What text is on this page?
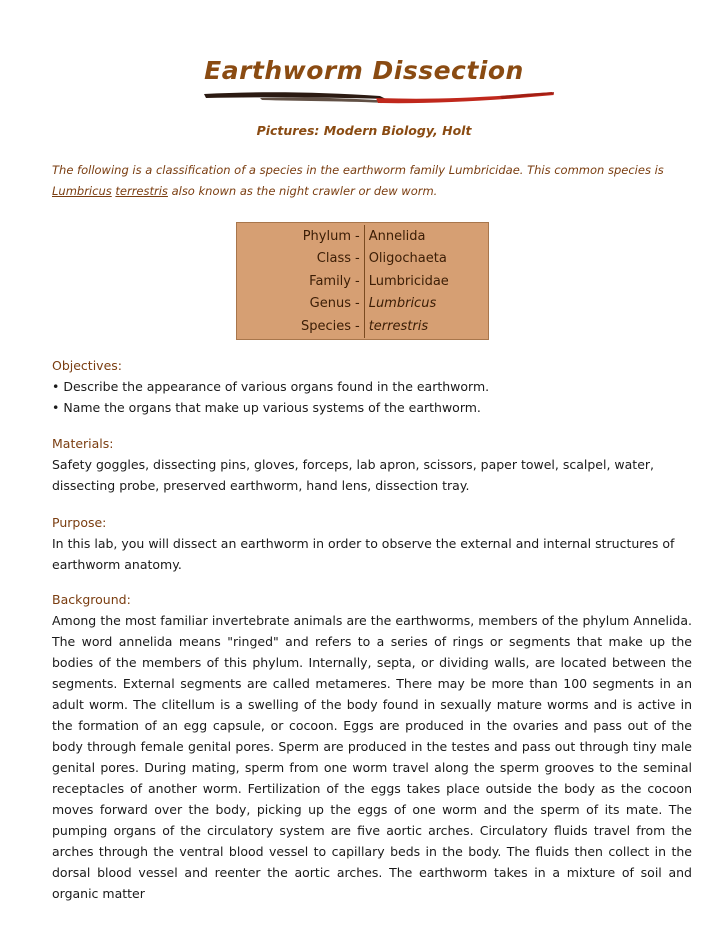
Earthworm Dissection

Pictures: Modern Biology, Holt

The following is a classification of a species in the earthworm family Lumbricidae. This common species is Lumbricus terrestris also known as the night crawler or dew worm.

Phylum	-	Annelida
Class	-	Oligochaeta
Family	-	Lumbricidae
Genus	-	Lumbricus
Species	-	terrestris
Objectives:

• Describe the appearance of various organs found in the earthworm.

• Name the organs that make up various systems of the earthworm.

Materials:

Safety goggles, dissecting pins, gloves, forceps, lab apron, scissors, paper towel, scalpel, water, dissecting probe, preserved earthworm, hand lens, dissection tray.

Purpose:

In this lab, you will dissect an earthworm in order to observe the external and internal structures of earthworm anatomy.

Background:

Among the most familiar invertebrate animals are the earthworms, members of the phylum Annelida. The word annelida means "ringed" and refers to a series of rings or segments that make up the bodies of the members of this phylum. Internally, septa, or dividing walls, are located between the segments. External segments are called metameres. There may be more than 100 segments in an adult worm. The clitellum is a swelling of the body found in sexually mature worms and is active in the formation of an egg capsule, or cocoon. Eggs are produced in the ovaries and pass out of the body through female genital pores. Sperm are produced in the testes and pass out through tiny male genital pores. During mating, sperm from one worm travel along the sperm grooves to the seminal receptacles of another worm. Fertilization of the eggs takes place outside the body as the cocoon moves forward over the body, picking up the eggs of one worm and the sperm of its mate. The pumping organs of the circulatory system are five aortic arches. Circulatory fluids travel from the arches through the ventral blood vessel to capillary beds in the body. The fluids then collect in the dorsal blood vessel and reenter the aortic arches. The earthworm takes in a mixture of soil and organic matter
